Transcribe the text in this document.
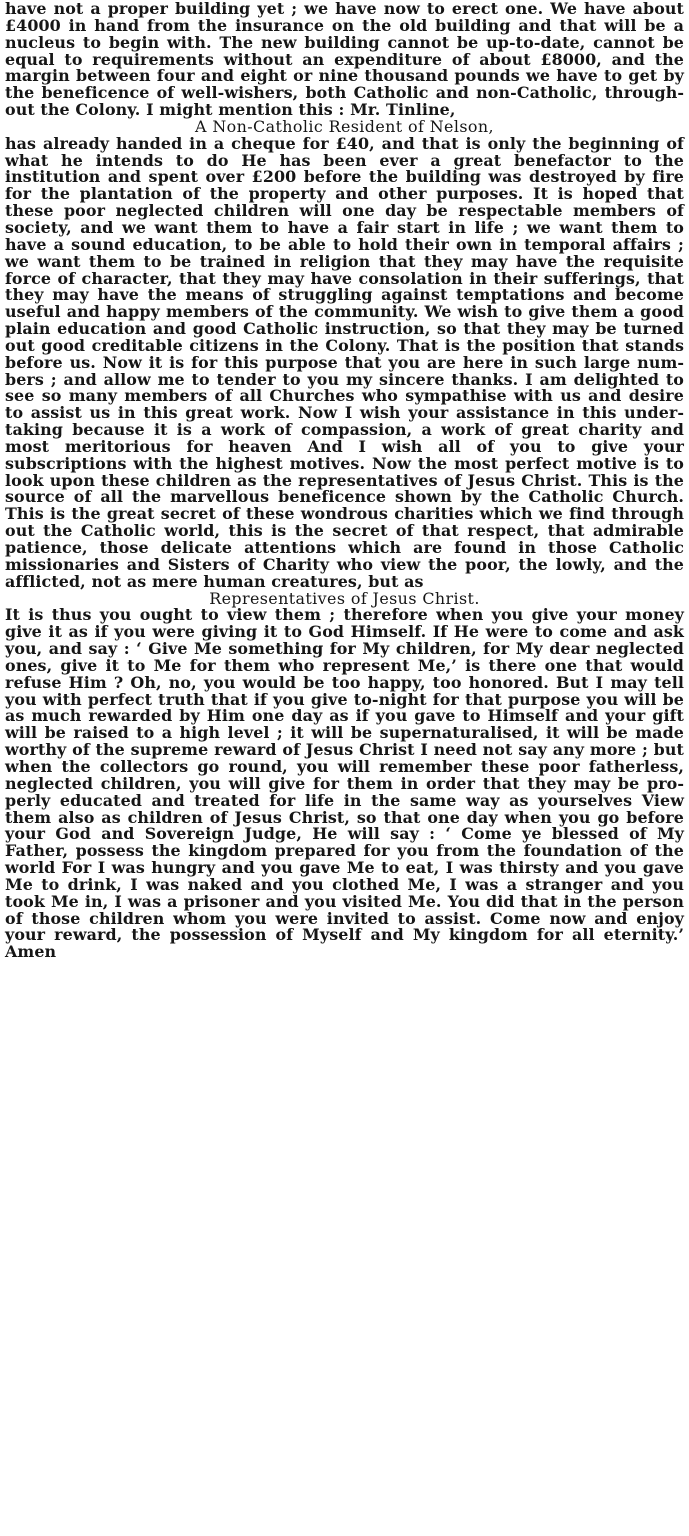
have not a proper building yet ; we have now to erect one. We have about £4000 in hand from the insurance on the old building and that will be a nucleus to begin with. The new building cannot be up-to-date, cannot be equal to requirements without an expenditure of about £8000, and the margin between four and eight or nine thousand pounds we have to get by the beneficence of well-wishers, both Catholic and non-Catholic, throughout the Colony. I might mention this : Mr. Tinline,

A Non-Catholic Resident of Nelson,

has already handed in a cheque for £40, and that is only the beginning of what he intends to do He has been ever a great benefactor to the institution and spent over £200 before the building was destroyed by fire for the plantation of the property and other purposes. It is hoped that these poor neglected children will one day be respectable members of society, and we want them to have a fair start in life ; we want them to have a sound education, to be able to hold their own in temporal affairs ; we want them to be trained in religion that they may have the requisite force of character, that they may have consolation in their sufferings, that they may have the means of struggling against temptations and become useful and happy members of the community. We wish to give them a good plain education and good Catholic instruction, so that they may be turned out good creditable citizens in the Colony. That is the position that stands before us. Now it is for this purpose that you are here in such large numbers ; and allow me to tender to you my sincere thanks. I am delighted to see so many members of all Churches who sympathise with us and desire to assist us in this great work. Now I wish your assistance in this undertaking because it is a work of compassion, a work of great charity and most meritorious for heaven And I wish all of you to give your subscriptions with the highest motives. Now the most perfect motive is to look upon these children as the representatives of Jesus Christ. This is the source of all the marvellous beneficence shown by the Catholic Church. This is the great secret of these wondrous charities which we find through out the Catholic world, this is the secret of that respect, that admirable patience, those delicate attentions which are found in those Catholic missionaries and Sisters of Charity who view the poor, the lowly, and the afflicted, not as mere human creatures, but as

Representatives of Jesus Christ.

It is thus you ought to view them ; therefore when you give your money give it as if you were giving it to God Himself. If He were to come and ask you, and say : ‘ Give Me something for My children, for My dear neglected ones, give it to Me for them who represent Me,’ is there one that would refuse Him ? Oh, no, you would be too happy, too honored. But I may tell you with perfect truth that if you give to-night for that purpose you will be as much rewarded by Him one day as if you gave to Himself and your gift will be raised to a high level ; it will be supernaturalised, it will be made worthy of the supreme reward of Jesus Christ I need not say any more ; but when the collectors go round, you will remember these poor fatherless, neglected children, you will give for them in order that they may be properly educated and treated for life in the same way as yourselves View them also as children of Jesus Christ, so that one day when you go before your God and Sovereign Judge, He will say : ‘ Come ye blessed of My Father, possess the kingdom prepared for you from the foundation of the world For I was hungry and you gave Me to eat, I was thirsty and you gave Me to drink, I was naked and you clothed Me, I was a stranger and you took Me in, I was a prisoner and you visited Me. You did that in the person of those children whom you were invited to assist. Come now and enjoy your reward, the possession of Myself and My kingdom for all eternity.’ Amen
